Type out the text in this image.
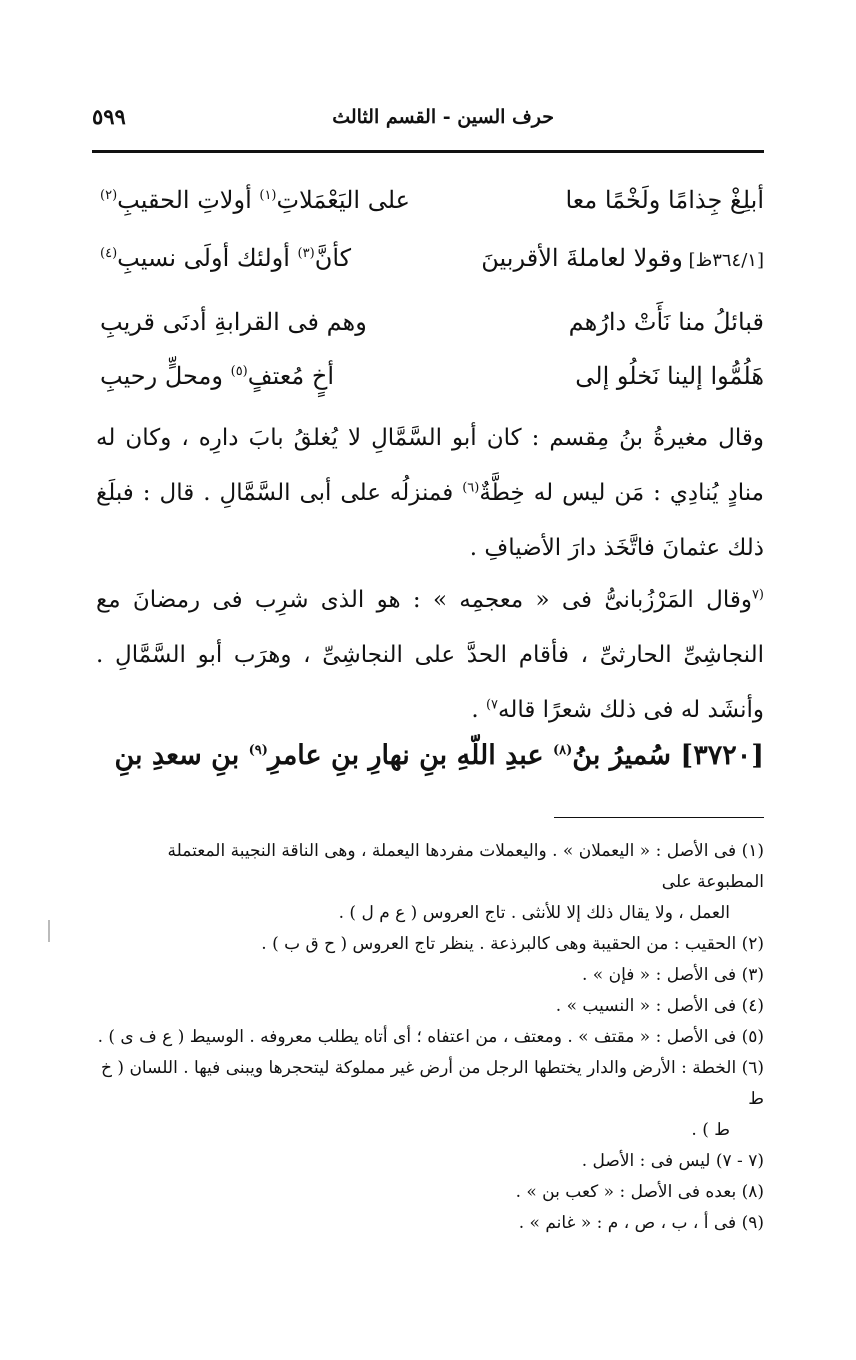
حرف السين - القسم الثالث
٥٩٩
أبلِغْ جِذامًا ولَخْمًا معا
على اليَعْمَلاتِ$^{(١)}$ أولاتِ الحقيبِ$^{(٢)}$
[٣٦٤/١ظ] وقولا لعاملةَ الأقربينَ
كأنَّ$^{(٣)}$ أولئك أولَى نسيبِ$^{(٤)}$
قبائلُ منا نَأَتْ دارُهم
وهم فى القرابةِ أدنَى قريبِ
هَلُمُّوا إلينا نَخلُو إلى
أخٍ مُعتفٍ$^{(٥)}$ ومحلٍّ رحيبِ
وقال مغيرةُ بنُ مِقسم : كان أبو السَّمَّالِ لا يُغلقُ بابَ دارِه ، وكان له منادٍ يُنادِي : مَن ليس له خِطَّةٌ$^{(٦)}$ فمنزلُه على أبى السَّمَّالِ . قال : فبلَغ ذلك عثمانَ فاتَّخَذ دارَ الأضيافِ .
$^{(٧}$وقال المَرْزُبانىُّ فى « معجمِه » : هو الذى شرِب فى رمضانَ مع النجاشِىِّ الحارثىِّ ، فأقام الحدَّ على النجاشِىِّ ، وهرَب أبو السَّمَّالِ . وأنشَد له فى ذلك شعرًا قاله$^{٧)}$ .
[٣٧٢٠] سُميرُ بنُ$^{(٨)}$ عبدِ اللّهِ بنِ نهارِ بنِ عامرِ$^{(٩)}$ بنِ سعدِ بنِ
(١) فى الأصل : « اليعملان » . واليعملات مفردها اليعملة ، وهى الناقة النجيبة المعتملة المطبوعة على
العمل ، ولا يقال ذلك إلا للأنثى . تاج العروس ( ع م ل ) .
(٢) الحقيب : من الحقيبة وهى كالبرذعة . ينظر تاج العروس ( ح ق ب ) .
(٣) فى الأصل : « فإن » .
(٤) فى الأصل : « النسيب » .
(٥) فى الأصل : « مقتف » . ومعتف ، من اعتفاه ؛ أى أتاه يطلب معروفه . الوسيط ( ع ف ى ) .
(٦) الخطة : الأرض والدار يختطها الرجل من أرض غير مملوكة ليتحجرها ويبنى فيها . اللسان ( خ ط
ط ) .
(٧ - ٧) ليس فى : الأصل .
(٨) بعده فى الأصل : « كعب بن » .
(٩) فى أ ، ب ، ص ، م : « غانم » .
